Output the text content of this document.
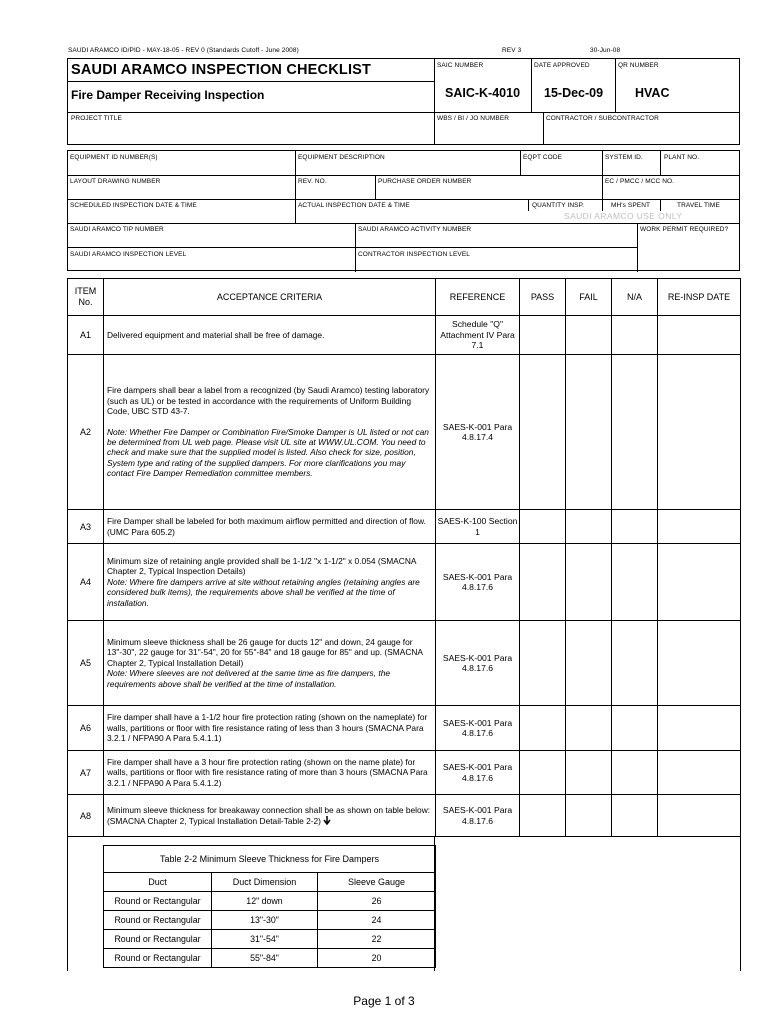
SAUDI ARAMCO ID/PID - MAY-18-05 - REV 0 (Standards Cutoff - June 2008)	REV 3	30-Jun-08
SAUDI ARAMCO INSPECTION CHECKLIST
Fire Damper Receiving Inspection
SAIC NUMBER
SAIC-K-4010
DATE APPROVED
15-Dec-09
QR NUMBER
HVAC
PROJECT TITLE	WBS / BI / JO NUMBER	CONTRACTOR / SUBCONTRACTOR
EQUIPMENT ID NUMBER(S)	EQUIPMENT DESCRIPTION	EQPT CODE	SYSTEM ID.	PLANT NO.
LAYOUT DRAWING NUMBER	REV. NO.	PURCHASE ORDER NUMBER	EC / PMCC / MCC NO.
SCHEDULED INSPECTION DATE & TIME	ACTUAL INSPECTION DATE & TIME	QUANTITY INSP.	MH's SPENT	TRAVEL TIME
SAUDI ARAMCO USE ONLY
SAUDI ARAMCO TIP NUMBER	SAUDI ARAMCO ACTIVITY NUMBER	WORK PERMIT REQUIRED?
SAUDI ARAMCO INSPECTION LEVEL	CONTRACTOR INSPECTION LEVEL
ITEM No.	ACCEPTANCE CRITERIA	REFERENCE	PASS	FAIL	N/A	RE-INSP DATE
A1	Delivered equipment and material shall be free of damage.	Schedule "Q" Attachment IV Para 7.1				
A2	Fire dampers shall bear a label from a recognized (by Saudi Aramco) testing laboratory (such as UL) or be tested in accordance with the requirements of Uniform Building Code, UBC STD 43-7.
Note: Whether Fire Damper or Combination Fire/Smoke Damper is UL listed or not can be determined from UL web page. Please visit UL site at WWW.UL.COM. You need to check and make sure that the supplied model is listed. Also check for size, position, System type and rating of the supplied dampers. For more clarifications you may contact Fire Damper Remediation committee members.	SAES-K-001 Para 4.8.17.4				
A3	Fire Damper shall be labeled for both maximum airflow permitted and direction of flow. (UMC Para 605.2)	SAES-K-100 Section 1				
A4	Minimum size of retaining angle provided shall be 1-1/2 "x 1-1/2" x 0.054 (SMACNA Chapter 2, Typical Inspection Details)
Note: Where fire dampers arrive at site without retaining angles (retaining angles are considered bulk items), the requirements above shall be verified at the time of installation.	SAES-K-001 Para 4.8.17.6				
A5	Minimum sleeve thickness shall be 26 gauge for ducts 12" and down, 24 gauge for 13"-30", 22 gauge for 31"-54", 20 for 55"-84" and 18 gauge for 85" and up. (SMACNA Chapter 2, Typical Installation Detail)
Note: Where sleeves are not delivered at the same time as fire dampers, the requirements above shall be verified at the time of installation.	SAES-K-001 Para 4.8.17.6				
A6	Fire damper shall have a 1-1/2 hour fire protection rating (shown on the nameplate) for walls, partitions or floor with fire resistance rating of less than 3 hours (SMACNA Para 3.2.1 / NFPA90 A Para 5.4.1.1)	SAES-K-001 Para 4.8.17.6				
A7	Fire damper shall have a 3 hour fire protection rating (shown on the name plate) for walls, partitions or floor with fire resistance rating of more than 3 hours (SMACNA Para 3.2.1 / NFPA90 A Para 5.4.1.2)	SAES-K-001 Para 4.8.17.6				
A8	Minimum sleeve thickness for breakaway connection shall be as shown on table below: (SMACNA Chapter 2, Typical Installation Detail-Table 2-2)	SAES-K-001 Para 4.8.17.6				
Table 2-2 Minimum Sleeve Thickness for Fire Dampers		
Duct	Duct Dimension	Sleeve Gauge
Round or Rectangular	12" down	26
Round or Rectangular	13"-30"	24
Round or Rectangular	31"-54"	22
Round or Rectangular	55"-84"	20
Page 1 of 3
